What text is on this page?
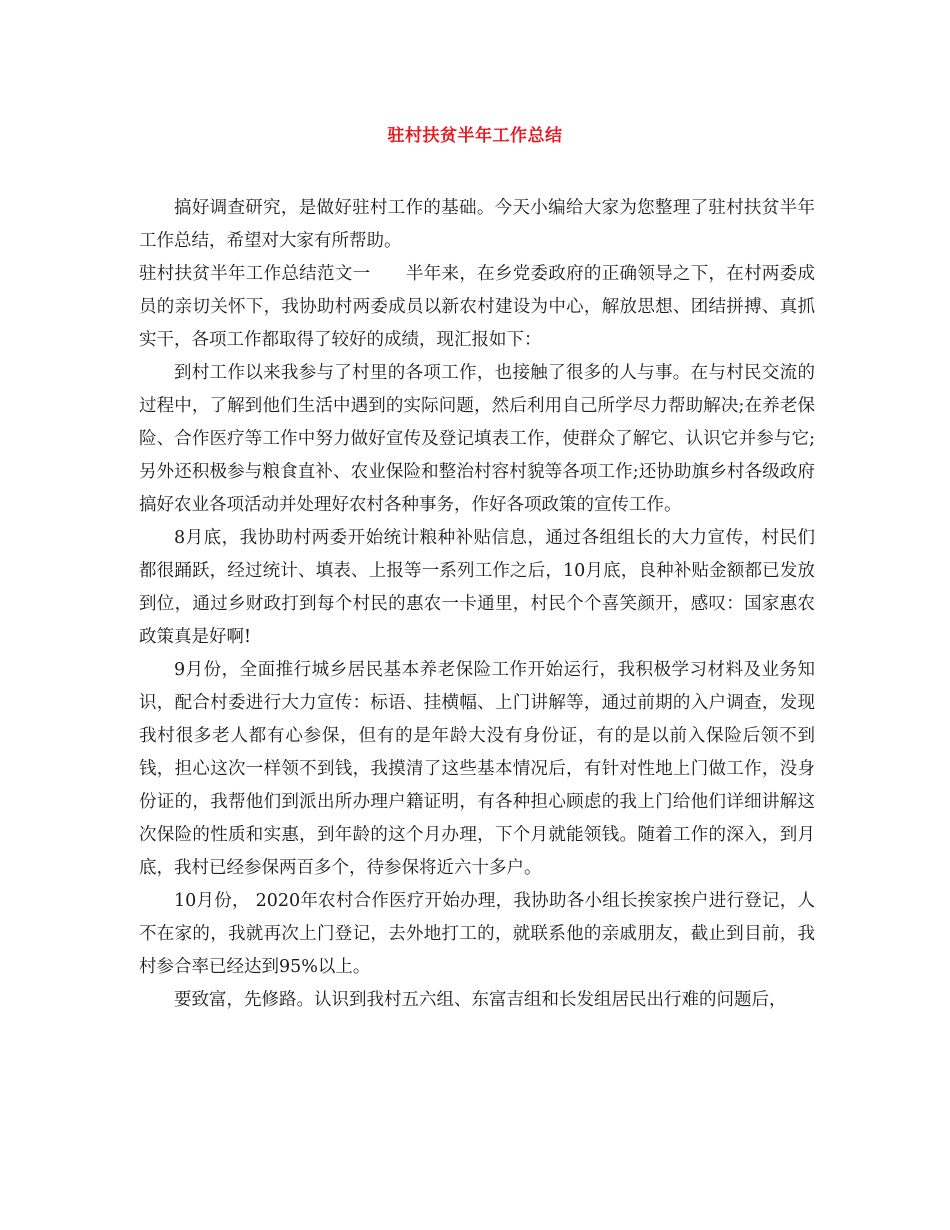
驻村扶贫半年工作总结

搞好调查研究，是做好驻村工作的基础。今天小编给大家为您整理了驻村扶贫半年工作总结，希望对大家有所帮助。

驻村扶贫半年工作总结范文一　　半年来，在乡党委政府的正确领导之下，在村两委成员的亲切关怀下，我协助村两委成员以新农村建设为中心，解放思想、团结拼搏、真抓实干，各项工作都取得了较好的成绩，现汇报如下：

到村工作以来我参与了村里的各项工作，也接触了很多的人与事。在与村民交流的过程中，了解到他们生活中遇到的实际问题，然后利用自己所学尽力帮助解决;在养老保险、合作医疗等工作中努力做好宣传及登记填表工作，使群众了解它、认识它并参与它;另外还积极参与粮食直补、农业保险和整治村容村貌等各项工作;还协助旗乡村各级政府搞好农业各项活动并处理好农村各种事务，作好各项政策的宣传工作。

8月底，我协助村两委开始统计粮种补贴信息，通过各组组长的大力宣传，村民们都很踊跃，经过统计、填表、上报等一系列工作之后，10月底，良种补贴金额都已发放到位，通过乡财政打到每个村民的惠农一卡通里，村民个个喜笑颜开，感叹：国家惠农政策真是好啊!

9月份，全面推行城乡居民基本养老保险工作开始运行，我积极学习材料及业务知识，配合村委进行大力宣传：标语、挂横幅、上门讲解等，通过前期的入户调查，发现我村很多老人都有心参保，但有的是年龄大没有身份证，有的是以前入保险后领不到钱，担心这次一样领不到钱，我摸清了这些基本情况后，有针对性地上门做工作，没身份证的，我帮他们到派出所办理户籍证明，有各种担心顾虑的我上门给他们详细讲解这次保险的性质和实惠，到年龄的这个月办理，下个月就能领钱。随着工作的深入，到月底，我村已经参保两百多个，待参保将近六十多户。

10月份， 2020年农村合作医疗开始办理，我协助各小组长挨家挨户进行登记，人不在家的，我就再次上门登记，去外地打工的，就联系他的亲戚朋友，截止到目前，我村参合率已经达到95%以上。

要致富，先修路。认识到我村五六组、东富吉组和长发组居民出行难的问题后，
